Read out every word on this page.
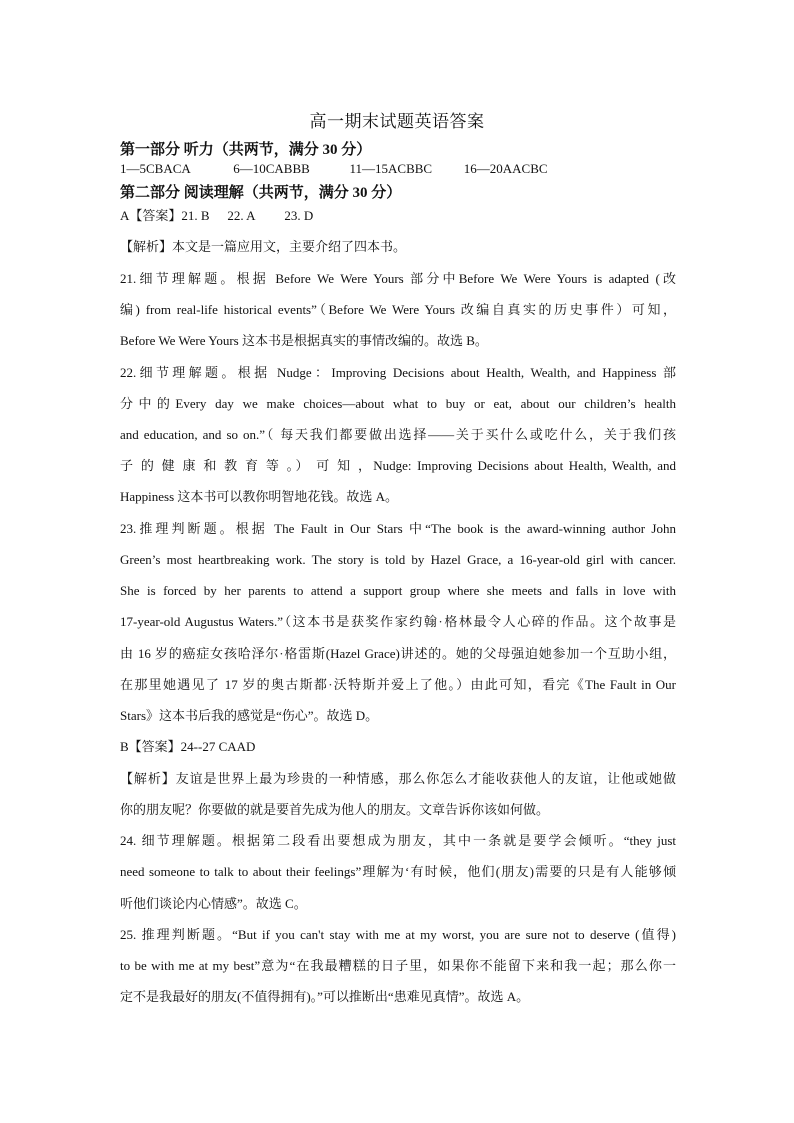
高一期末试题英语答案
第一部分 听力（共两节，满分 30 分）
1—5CBACA	6—10CABBB	11—15ACBBC 16—20AACBC
第二部分 阅读理解（共两节，满分 30 分）
A【答案】21. B 22. A 23. D
【解析】本文是一篇应用文，主要介绍了四本书。
21.细节理解题。根据 Before We Were Yours 部分中Before We Were Yours is adapted (改
编) from real-life historical events”（Before We Were Yours 改编自真实的历史事件）可知，
Before We Were Yours 这本书是根据真实的事情改编的。故选 B。
22.细节理解题。根据 Nudge：Improving Decisions about Health, Wealth, and Happiness 部
分中的Every day we make choices—about what to buy or eat, about our children’s health
and education, and so on.”（ 每天我们都要做出选择——关于买什么或吃什么，关于我们孩
子 的 健 康 和 教 育 等 。） 可 知 ，Nudge: Improving Decisions about Health, Wealth, and
Happiness 这本书可以教你明智地花钱。故选 A。
23.推理判断题。根据 The Fault in Our Stars 中“The book is the award-winning author John
Green’s most heartbreaking work. The story is told by Hazel Grace, a 16-year-old girl with cancer.
She is forced by her parents to attend a support group where she meets and falls in love with
17-year-old Augustus Waters.”（这本书是获奖作家约翰·格林最令人心碎的作品。这个故事是
由 16 岁的癌症女孩哈泽尔·格雷斯(Hazel Grace)讲述的。她的父母强迫她参加一个互助小组，
在那里她遇见了 17 岁的奥古斯都·沃特斯并爱上了他。）由此可知，看完《The Fault in Our
Stars》这本书后我的感觉是“伤心”。故选 D。
B【答案】24--27 CAAD
【解析】友谊是世界上最为珍贵的一种情感，那么你怎么才能收获他人的友谊，让他或她做
你的朋友呢？你要做的就是要首先成为他人的朋友。文章告诉你该如何做。
24. 细节理解题。根据第二段看出要想成为朋友，其中一条就是要学会倾听。“they just
need someone to talk to about their feelings”理解为‘有时候，他们(朋友)需要的只是有人能够倾
听他们谈论内心情感”。故选 C。
25. 推理判断题。“But if you can't stay with me at my worst, you are sure not to deserve (值得)
to be with me at my best”意为“在我最糟糕的日子里，如果你不能留下来和我一起；那么你一
定不是我最好的朋友(不值得拥有)。”可以推断出“患难见真情”。故选 A。
